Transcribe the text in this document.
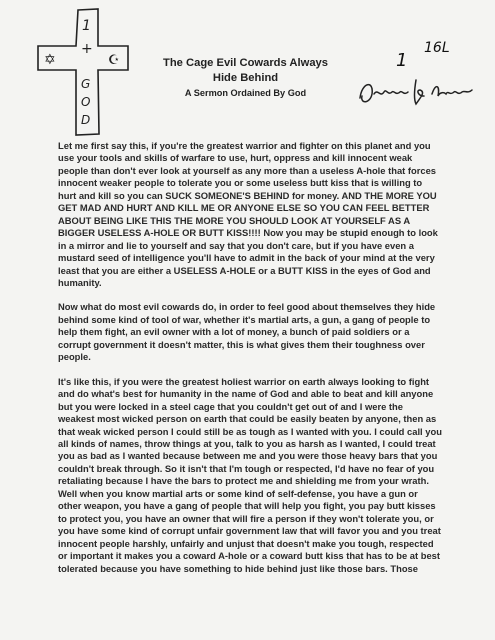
1
+
✡	☪
G
O
D
The Cage Evil Cowards Always
Hide Behind
A Sermon Ordained By God
16L
1

Let me first say this, if you're the greatest warrior and fighter on this planet and you use your tools and skills of warfare to use, hurt, oppress and kill innocent weak people than don't ever look at yourself as any more than a useless A-hole that forces innocent weaker people to tolerate you or some useless butt kiss that is willing to hurt and kill so you can SUCK SOMEONE'S BEHIND for money. AND THE MORE YOU GET MAD AND HURT AND KILL ME OR ANYONE ELSE SO YOU CAN FEEL BETTER ABOUT BEING LIKE THIS THE MORE YOU SHOULD LOOK AT YOURSELF AS A BIGGER USELESS A-HOLE OR BUTT KISS!!!! Now you may be stupid enough to look in a mirror and lie to yourself and say that you don't care, but if you have even a mustard seed of intelligence you'll have to admit in the back of your mind at the very least that you are either a USELESS A-HOLE or a BUTT KISS in the eyes of God and humanity.

Now what do most evil cowards do, in order to feel good about themselves they hide behind some kind of tool of war, whether it's martial arts, a gun, a gang of people to help them fight, an evil owner with a lot of money, a bunch of paid soldiers or a corrupt government it doesn't matter, this is what gives them their toughness over people.

It's like this, if you were the greatest holiest warrior on earth always looking to fight and do what's best for humanity in the name of God and able to beat and kill anyone but you were locked in a steel cage that you couldn't get out of and I were the weakest most wicked person on earth that could be easily beaten by anyone, then as that weak wicked person I could still be as tough as I wanted with you. I could call you all kinds of names, throw things at you, talk to you as harsh as I wanted, I could treat you as bad as I wanted because between me and you were those heavy bars that you couldn't break through. So it isn't that I'm tough or respected, I'd have no fear of you retaliating because I have the bars to protect me and shielding me from your wrath. Well when you know martial arts or some kind of self-defense, you have a gun or other weapon, you have a gang of people that will help you fight, you pay butt kisses to protect you, you have an owner that will fire a person if they won't tolerate you, or you have some kind of corrupt unfair government law that will favor you and you treat innocent people harshly, unfairly and unjust that doesn't make you tough, respected or important it makes you a coward A-hole or a coward butt kiss that has to be at best tolerated because you have something to hide behind just like those bars. Those
